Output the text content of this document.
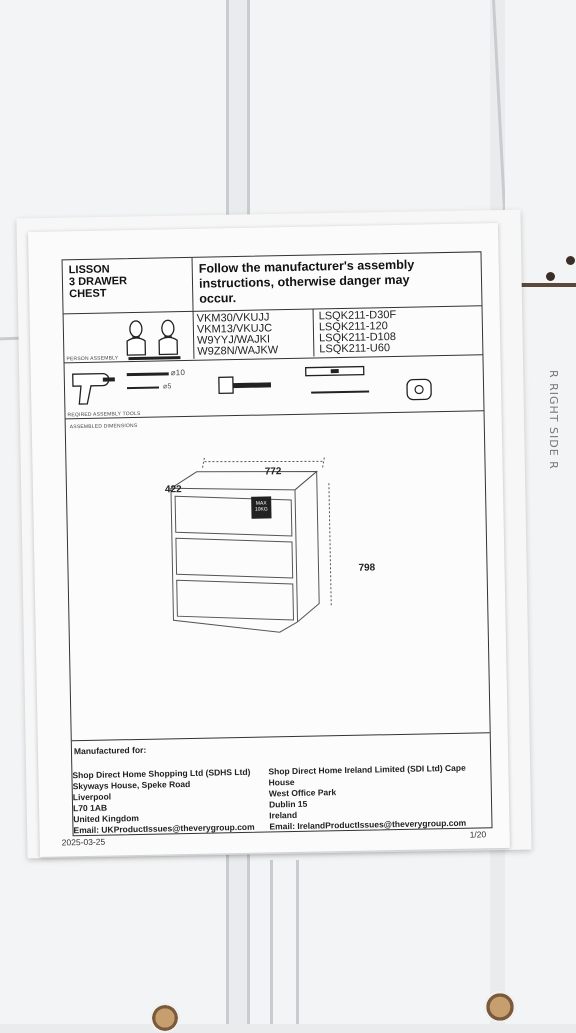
R RIGHT SIDE R
LISSON
3 DRAWER
CHEST
Follow the manufacturer's assembly
instructions, otherwise danger may
occur.
VKM30/VKUJJ
VKM13/VKUJC
W9YYJ/WAJKI
W9Z8N/WAJKW
LSQK211-D30F
LSQK211-120
LSQK211-D108
LSQK211-U60
PERSON ASSEMBLY
⌀10
⌀5
REQIRED ASSEMBLY TOOLS
ASSEMBLED DIMENSIONS
772
422
798
MAX
10KG
Manufactured for:
Shop Direct Home Shopping Ltd (SDHS Ltd)
Skyways House, Speke Road
Liverpool
L70 1AB
United Kingdom
Email: UKProductIssues@theverygroup.com
Shop Direct Home Ireland Limited (SDI Ltd) Cape
House
West Office Park
Dublin 15
Ireland
Email: IrelandProductIssues@theverygroup.com
2025-03-25
1/20
